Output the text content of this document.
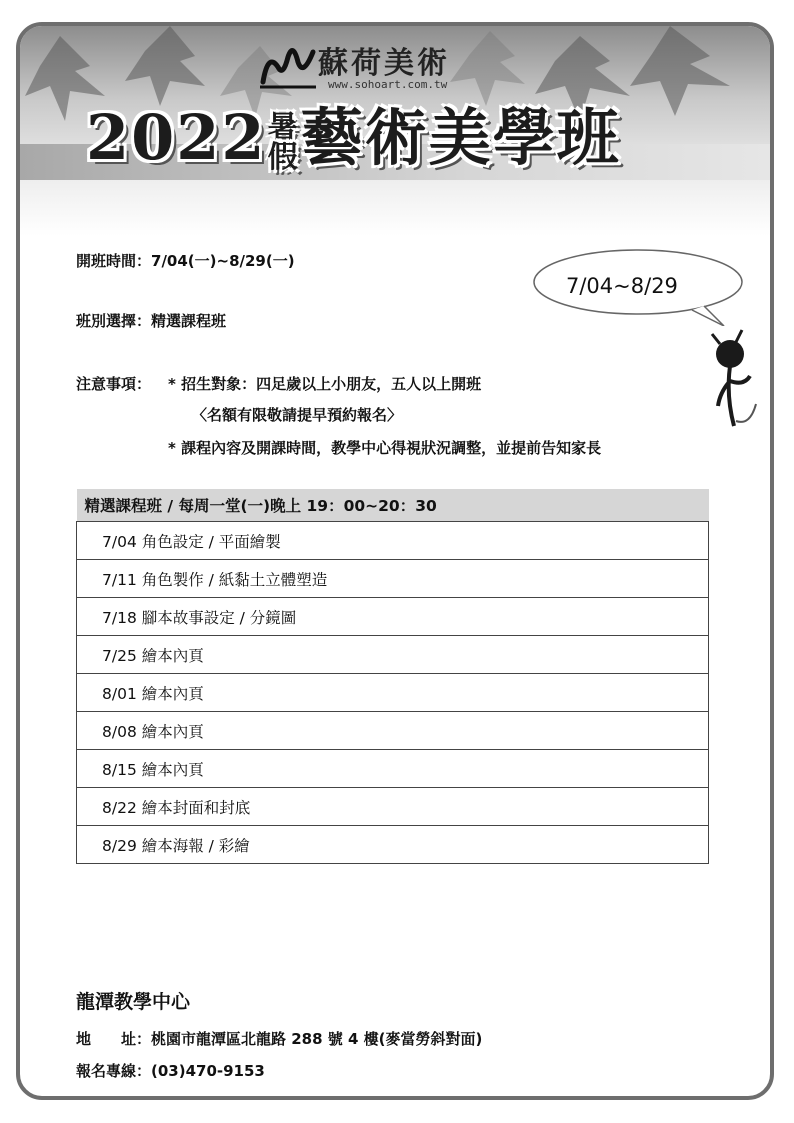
蘇荷美術
www.sohoart.com.tw
2022暑
假藝術美學班
開班時間：7/04(一)~8/29(一)
班別選擇：精選課程班
注意事項： * 招生對象：四足歲以上小朋友，五人以上開班
〈名額有限敬請提早預約報名〉
* 課程內容及開課時間，教學中心得視狀況調整，並提前告知家長
7/04~8/29
精選課程班 / 每周一堂(一)晚上 19：00~20：30
7/04 角色設定 / 平面繪製
7/11 角色製作 / 紙黏土立體塑造
7/18 腳本故事設定 / 分鏡圖
7/25 繪本內頁
8/01 繪本內頁
8/08 繪本內頁
8/15 繪本內頁
8/22 繪本封面和封底
8/29 繪本海報 / 彩繪
龍潭教學中心
地　　址：桃園市龍潭區北龍路 288 號 4 樓(麥當勞斜對面)
報名專線：(03)470-9153
